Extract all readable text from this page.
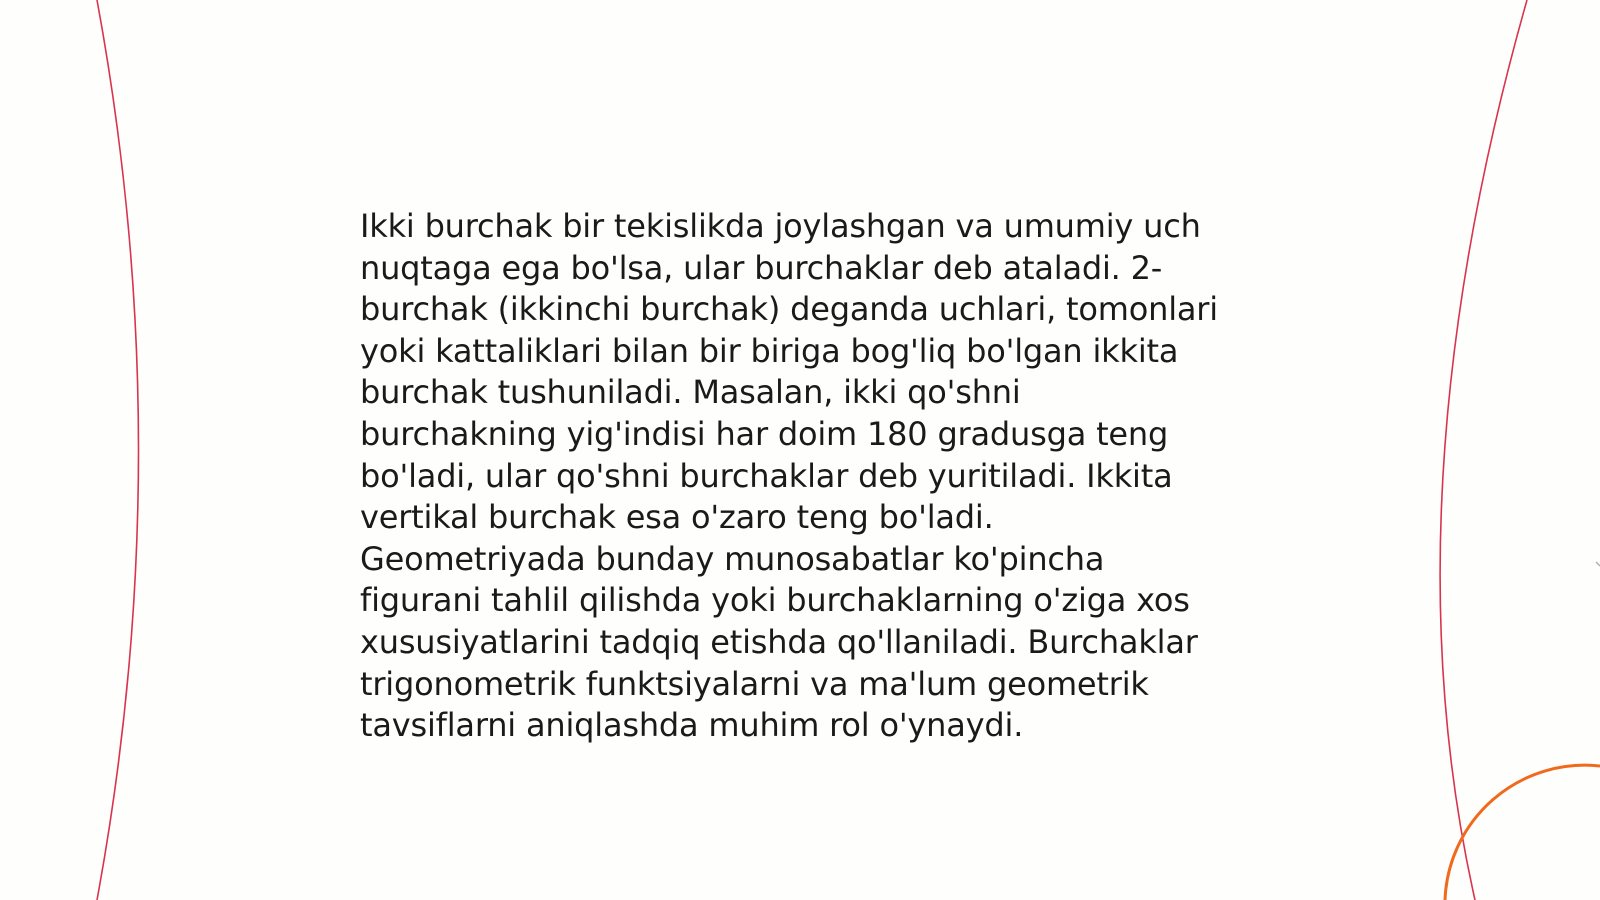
Ikki burchak bir tekislikda joylashgan va umumiy uch
nuqtaga ega bo'lsa, ular burchaklar deb ataladi. 2-
burchak (ikkinchi burchak) deganda uchlari, tomonlari
yoki kattaliklari bilan bir biriga bog'liq bo'lgan ikkita
burchak tushuniladi. Masalan, ikki qo'shni
burchakning yig'indisi har doim 180 gradusga teng
bo'ladi, ular qo'shni burchaklar deb yuritiladi. Ikkita
vertikal burchak esa o'zaro teng bo'ladi.
Geometriyada bunday munosabatlar ko'pincha
figurani tahlil qilishda yoki burchaklarning o'ziga xos
xususiyatlarini tadqiq etishda qo'llaniladi. Burchaklar
trigonometrik funktsiyalarni va ma'lum geometrik
tavsiflarni aniqlashda muhim rol o'ynaydi.
